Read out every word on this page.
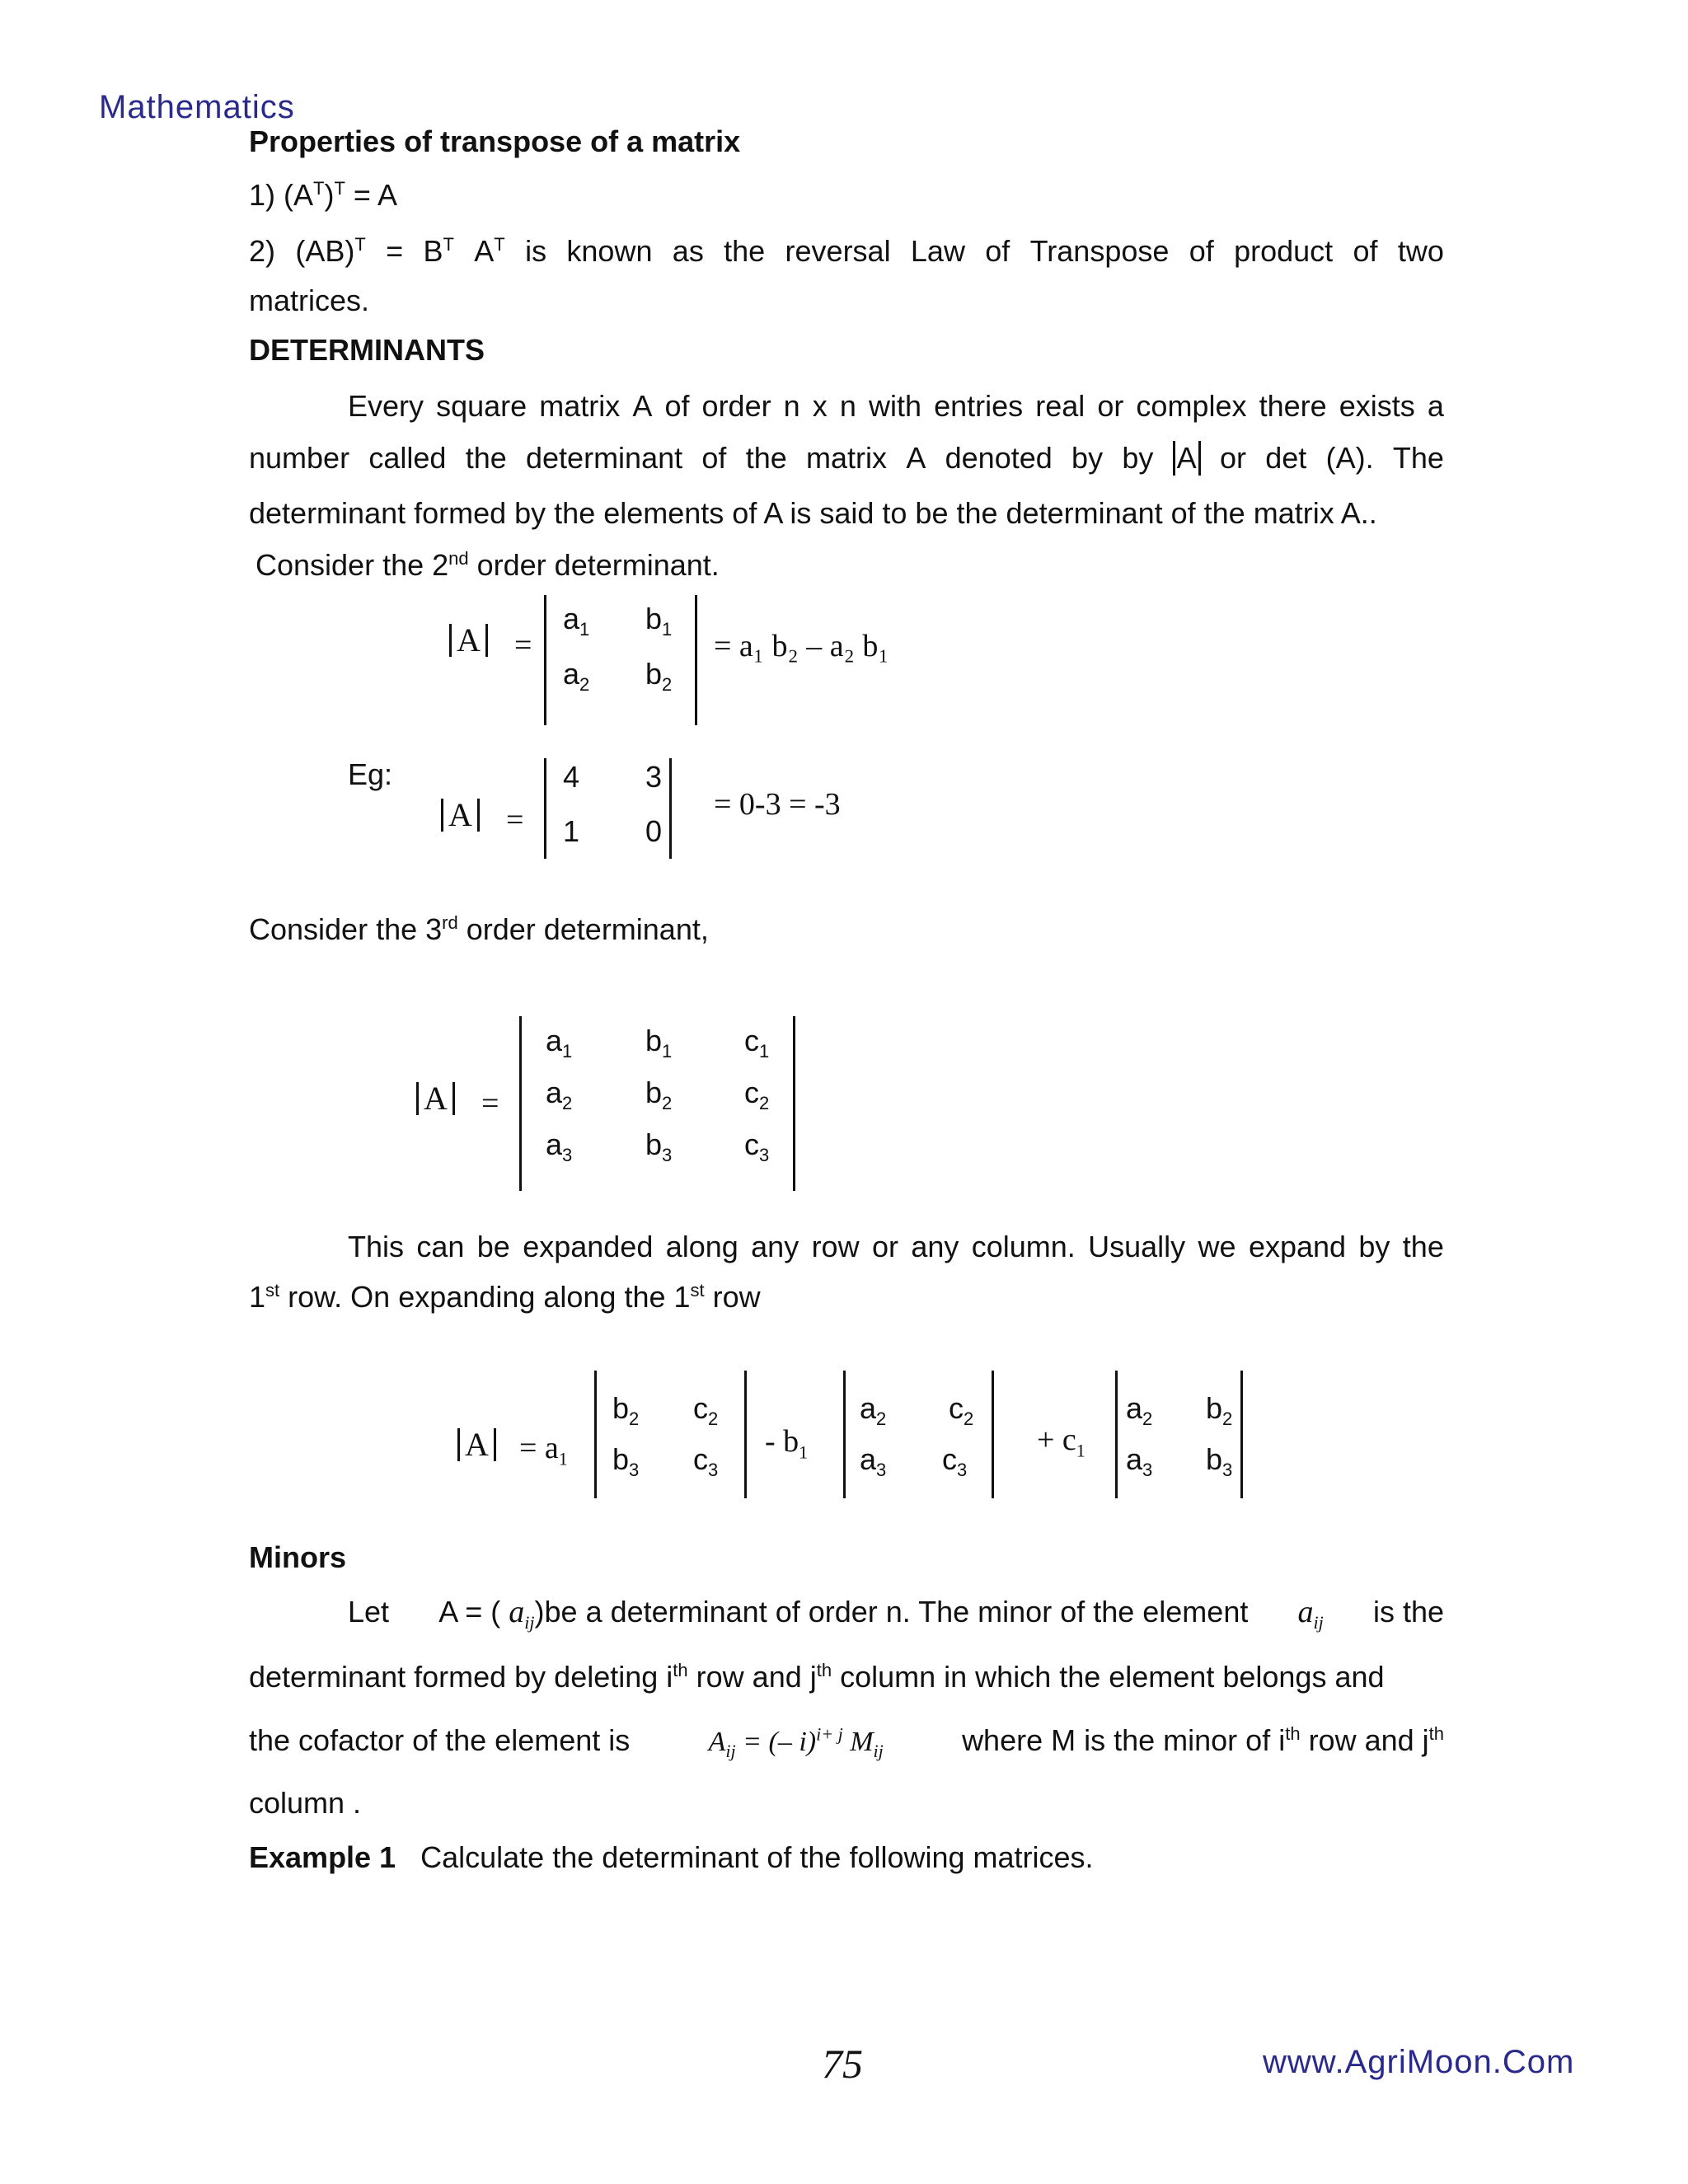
Mathematics
Properties of transpose of a matrix
1) $(A^T)^T = A$
2) $(AB)^T = B^T$ $A^T$ is known as the reversal Law of Transpose of product of two
matrices.
DETERMINANTS
Every square matrix A of order n x n with entries real or complex there exists a
number called the determinant of the matrix A denoted by by A or det (A). The
determinant formed by the elements of A is said to be the determinant of the matrix A..
Consider the 2nd order determinant.
A =
$a_1$ $b_1$
$a_2$ $b_2$
= a₁ b₂ – a₂ b₁
Eg:
A =
4 3
1 0
= 0-3 = -3
Consider the 3rd order determinant,
A =
$a_1$ $b_1$ $c_1$
$a_2$ $b_2$ $c_2$
$a_3$ $b_3$ $c_3$
This can be expanded along any row or any column. Usually we expand by the
1st row. On expanding along the 1st row
$A = a_1$
$b_2$ $c_2$
$b_3$ $c_3$
- $b_1$
$a_2$ $c_2$
$a_3$ $c_3$
+ $c_1$
$a_2$ $b_2$
$a_3$ $b_3$
Minors
Let A = ( $a_{ij})be$ a determinant of order n. The minor of the element $a_{ij}$ is the
determinant formed by deleting $i^{th}$ row and $j^{th}$ column in which the element belongs and
the cofactor of the element is	$A_{ij}$ = (– i)$^{i+ j}$ $M_{ij}$	where M is the minor of $i^{th}$ row and $j^{th}$
column .
Example 1 Calculate the determinant of the following matrices.
75	www.AgriMoon.Com
